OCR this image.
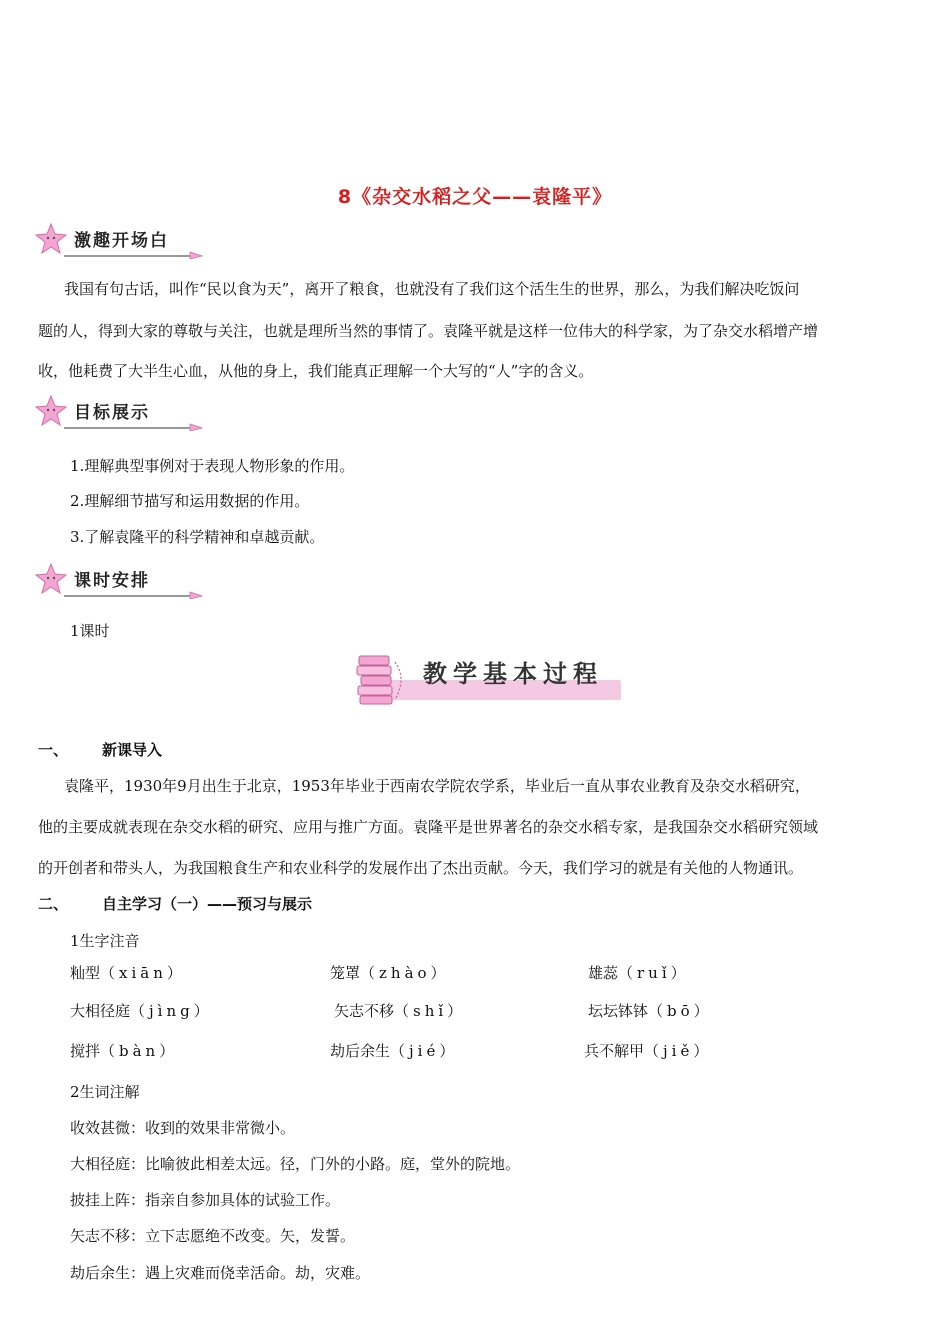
8《杂交水稻之父——袁隆平》
激趣开场白
我国有句古话，叫作“民以食为天”，离开了粮食，也就没有了我们这个活生生的世界，那么，为我们解决吃饭问
题的人，得到大家的尊敬与关注，也就是理所当然的事情了。袁隆平就是这样一位伟大的科学家，为了杂交水稻增产增
收，他耗费了大半生心血，从他的身上，我们能真正理解一个大写的“人”字的含义。
目标展示
1.理解典型事例对于表现人物形象的作用。
2.理解细节描写和运用数据的作用。
3.了解袁隆平的科学精神和卓越贡献。
课时安排
1课时
教学基本过程
一、 新课导入
袁隆平，1930年9月出生于北京，1953年毕业于西南农学院农学系，毕业后一直从事农业教育及杂交水稻研究，
他的主要成就表现在杂交水稻的研究、应用与推广方面。袁隆平是世界著名的杂交水稻专家，是我国杂交水稻研究领域
的开创者和带头人，为我国粮食生产和农业科学的发展作出了杰出贡献。今天，我们学习的就是有关他的人物通讯。
二、 自主学习（一）——预习与展示
1生字注音
籼型（xiān）	笼罩（zhào）	雄蕊（ruǐ）
大相径庭（jìng）	矢志不移（shǐ）	坛坛钵钵（bō）
搅拌（bàn）	劫后余生（jié）	兵不解甲（jiě）
2生词注解
收效甚微：收到的效果非常微小。
大相径庭：比喻彼此相差太远。径，门外的小路。庭，堂外的院地。
披挂上阵：指亲自参加具体的试验工作。
矢志不移：立下志愿绝不改变。矢，发誓。
劫后余生：遇上灾难而侥幸活命。劫，灾难。
